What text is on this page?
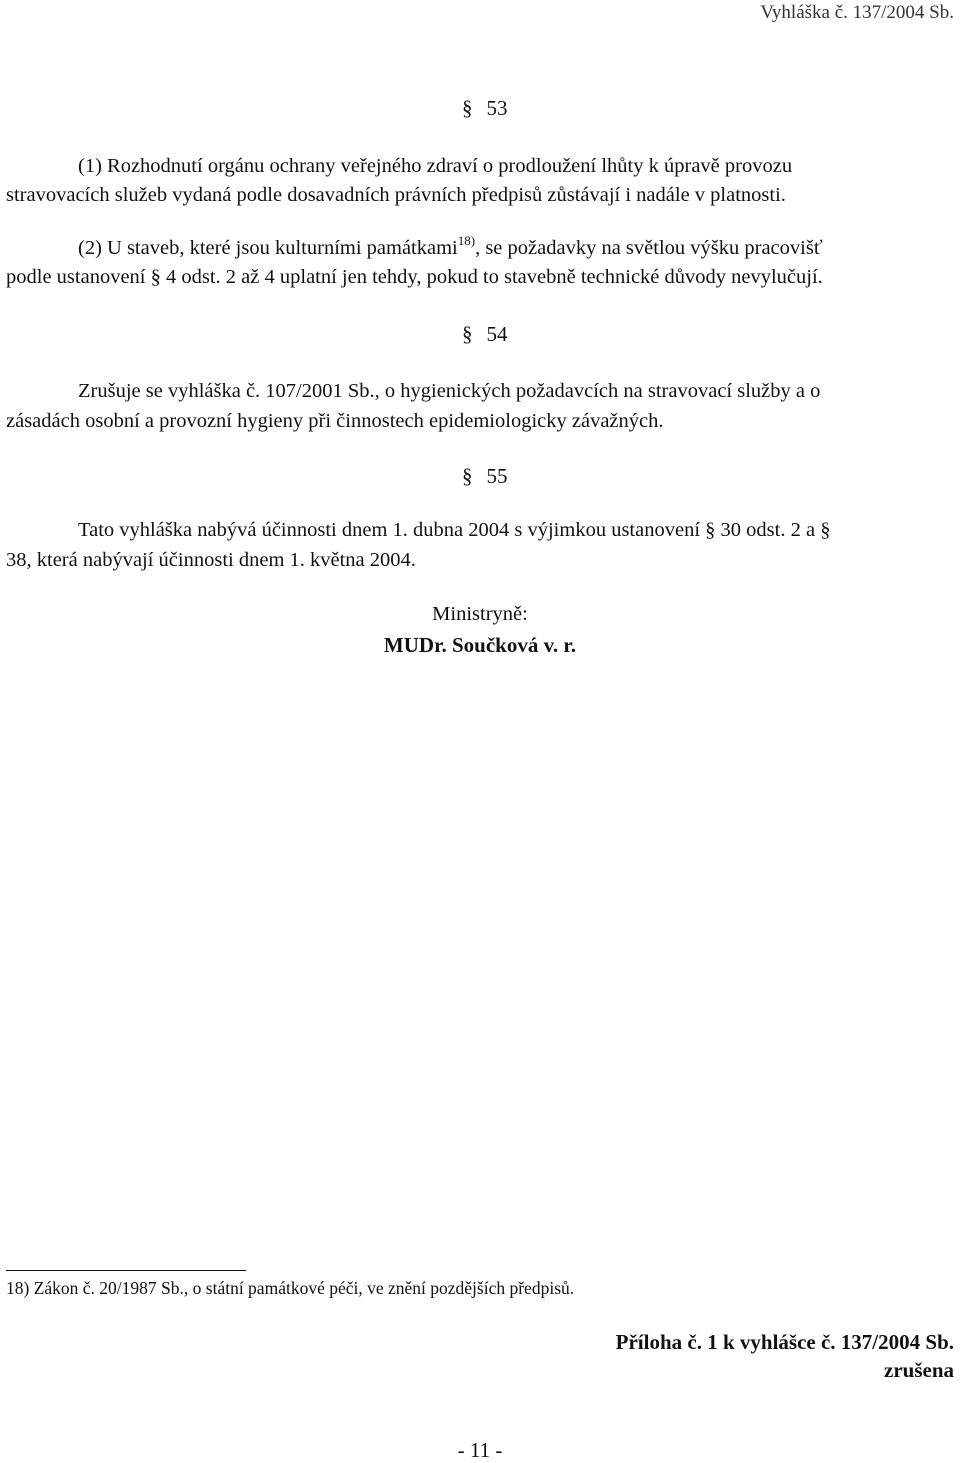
Vyhláška č. 137/2004 Sb.
§ 53
(1) Rozhodnutí orgánu ochrany veřejného zdraví o prodloužení lhůty k úpravě provozu
stravovacích služeb vydaná podle dosavadních právních předpisů zůstávají i nadále v platnosti.
(2) U staveb, které jsou kulturními památkami$^{18)}$, se požadavky na světlou výšku pracovišť
podle ustanovení § 4 odst. 2 až 4 uplatní jen tehdy, pokud to stavebně technické důvody nevylučují.
§ 54
Zrušuje se vyhláška č. 107/2001 Sb., o hygienických požadavcích na stravovací služby a o
zásadách osobní a provozní hygieny při činnostech epidemiologicky závažných.
§ 55
Tato vyhláška nabývá účinnosti dnem 1. dubna 2004 s výjimkou ustanovení § 30 odst. 2 a §
38, která nabývají účinnosti dnem 1. května 2004.
Ministryně:
MUDr. Součková v. r.
18) Zákon č. 20/1987 Sb., o státní památkové péči, ve znění pozdějších předpisů.
Příloha č. 1 k vyhlášce č. 137/2004 Sb.
zrušena
- 11 -
